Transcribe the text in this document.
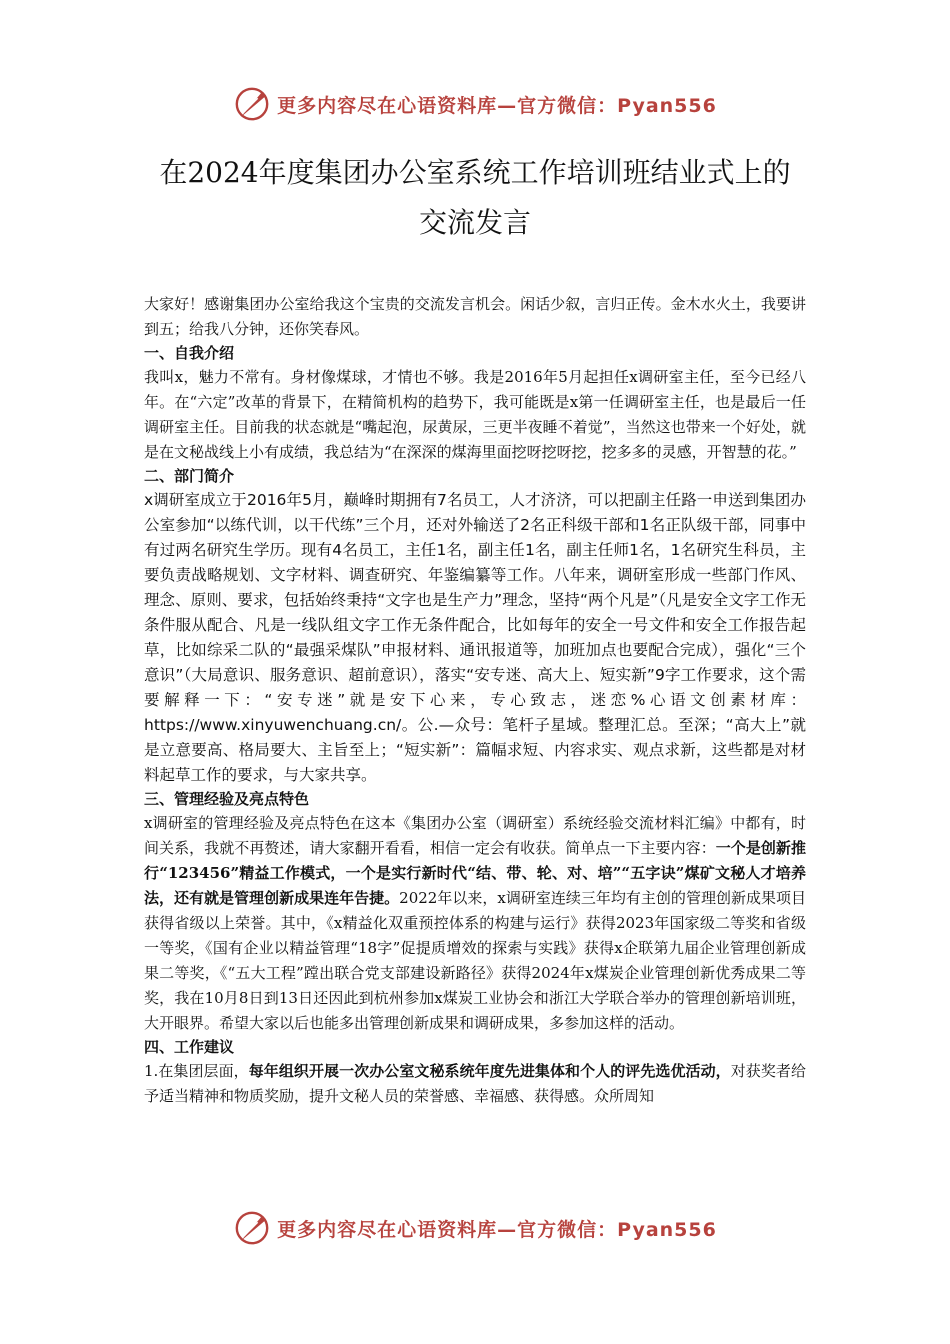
更多内容尽在心语资料库—官方微信：Pyan556
在2024年度集团办公室系统工作培训班结业式上的
交流发言

大家好！感谢集团办公室给我这个宝贵的交流发言机会。闲话少叙，言归正传。金木水火土，我要讲到五；给我八分钟，还你笑春风。

一、自我介绍

我叫x，魅力不常有。身材像煤球，才情也不够。我是2016年5月起担任x调研室主任，至今已经八年。在“六定”改革的背景下，在精简机构的趋势下，我可能既是x第一任调研室主任，也是最后一任调研室主任。目前我的状态就是“嘴起泡，尿黄尿，三更半夜睡不着觉”，当然这也带来一个好处，就是在文秘战线上小有成绩，我总结为“在深深的煤海里面挖呀挖呀挖，挖多多的灵感，开智慧的花。”

二、部门简介

x调研室成立于2016年5月，巅峰时期拥有7名员工，人才济济，可以把副主任路一申送到集团办公室参加“以练代训，以干代练”三个月，还对外输送了2名正科级干部和1名正队级干部，同事中有过两名研究生学历。现有4名员工，主任1名，副主任1名，副主任师1名，1名研究生科员，主要负责战略规划、文字材料、调查研究、年鉴编纂等工作。八年来，调研室形成一些部门作风、理念、原则、要求，包括始终秉持“文字也是生产力”理念，坚持“两个凡是”（凡是安全文字工作无条件服从配合、凡是一线队组文字工作无条件配合，比如每年的安全一号文件和安全工作报告起草，比如综采二队的“最强采煤队”申报材料、通讯报道等，加班加点也要配合完成），强化“三个意识”（大局意识、服务意识、超前意识），落实“安专迷、高大上、短实新”9字工作要求，这个需要解释一下：“安专迷”就是安下心来，专心致志，迷恋%心语文创素材库：https://www.xinyuwenchuang.cn/。公.—众号：笔杆子星域。整理汇总。至深；“高大上”就是立意要高、格局要大、主旨至上；“短实新”：篇幅求短、内容求实、观点求新，这些都是对材料起草工作的要求，与大家共享。

三、管理经验及亮点特色

x调研室的管理经验及亮点特色在这本《集团办公室（调研室）系统经验交流材料汇编》中都有，时间关系，我就不再赘述，请大家翻开看看，相信一定会有收获。简单点一下主要内容：一个是创新推行“123456”精益工作模式，一个是实行新时代“结、带、轮、对、培”“五字诀”煤矿文秘人才培养法，还有就是管理创新成果连年告捷。2022年以来，x调研室连续三年均有主创的管理创新成果项目获得省级以上荣誉。其中，《x精益化双重预控体系的构建与运行》获得2023年国家级二等奖和省级一等奖，《国有企业以精益管理“18字”促提质增效的探索与实践》获得x企联第九届企业管理创新成果二等奖，《“五大工程”蹚出联合党支部建设新路径》获得2024年x煤炭企业管理创新优秀成果二等奖，我在10月8日到13日还因此到杭州参加x煤炭工业协会和浙江大学联合举办的管理创新培训班，大开眼界。希望大家以后也能多出管理创新成果和调研成果，多参加这样的活动。

四、工作建议

1.在集团层面，每年组织开展一次办公室文秘系统年度先进集体和个人的评先选优活动，对获奖者给予适当精神和物质奖励，提升文秘人员的荣誉感、幸福感、获得感。众所周知

更多内容尽在心语资料库—官方微信：Pyan556
